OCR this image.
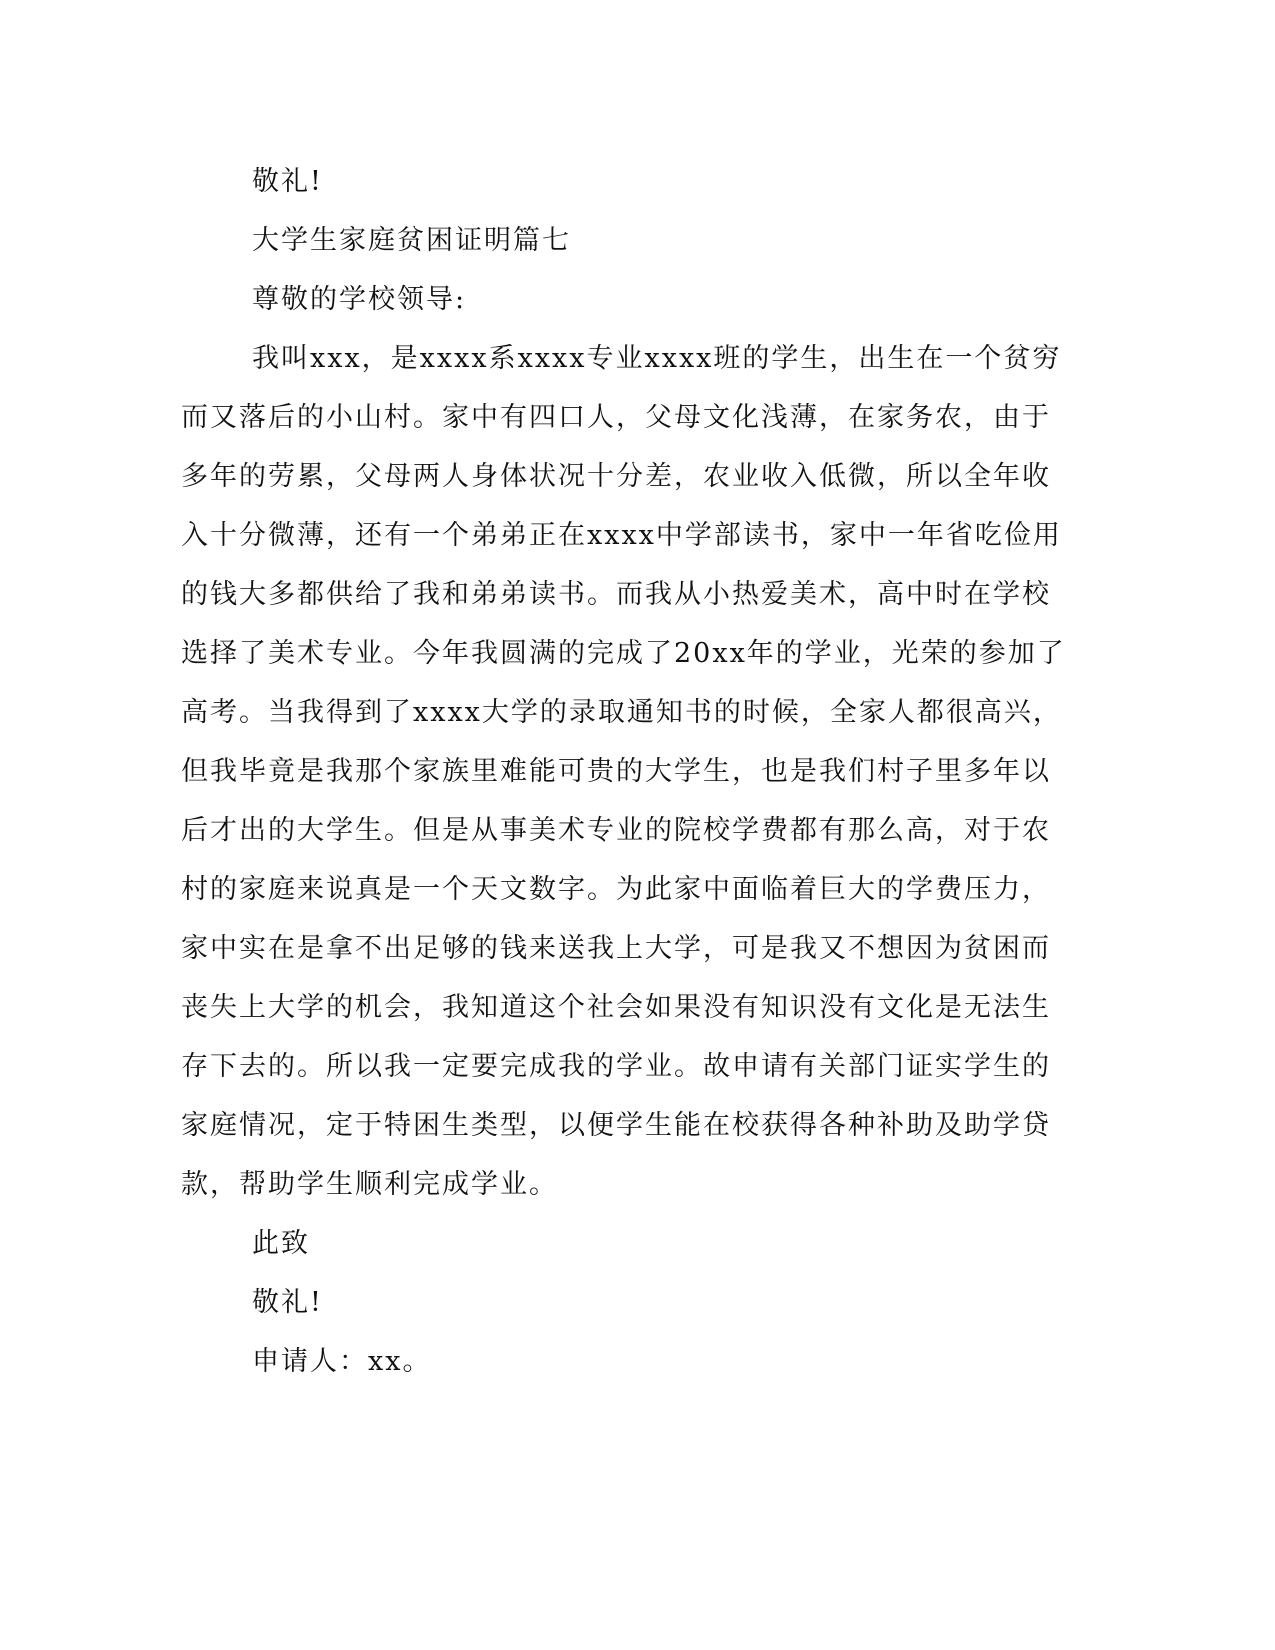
敬礼!
大学生家庭贫困证明篇七
尊敬的学校领导:
我叫xxx，是xxxx系xxxx专业xxxx班的学生，出生在一个贫穷
而又落后的小山村。家中有四口人，父母文化浅薄，在家务农，由于
多年的劳累，父母两人身体状况十分差，农业收入低微，所以全年收
入十分微薄，还有一个弟弟正在xxxx中学部读书，家中一年省吃俭用
的钱大多都供给了我和弟弟读书。而我从小热爱美术，高中时在学校
选择了美术专业。今年我圆满的完成了20xx年的学业，光荣的参加了
高考。当我得到了xxxx大学的录取通知书的时候，全家人都很高兴，
但我毕竟是我那个家族里难能可贵的大学生，也是我们村子里多年以
后才出的大学生。但是从事美术专业的院校学费都有那么高，对于农
村的家庭来说真是一个天文数字。为此家中面临着巨大的学费压力，
家中实在是拿不出足够的钱来送我上大学，可是我又不想因为贫困而
丧失上大学的机会，我知道这个社会如果没有知识没有文化是无法生
存下去的。所以我一定要完成我的学业。故申请有关部门证实学生的
家庭情况，定于特困生类型，以便学生能在校获得各种补助及助学贷
款，帮助学生顺利完成学业。
此致
敬礼!
申请人：xx。
